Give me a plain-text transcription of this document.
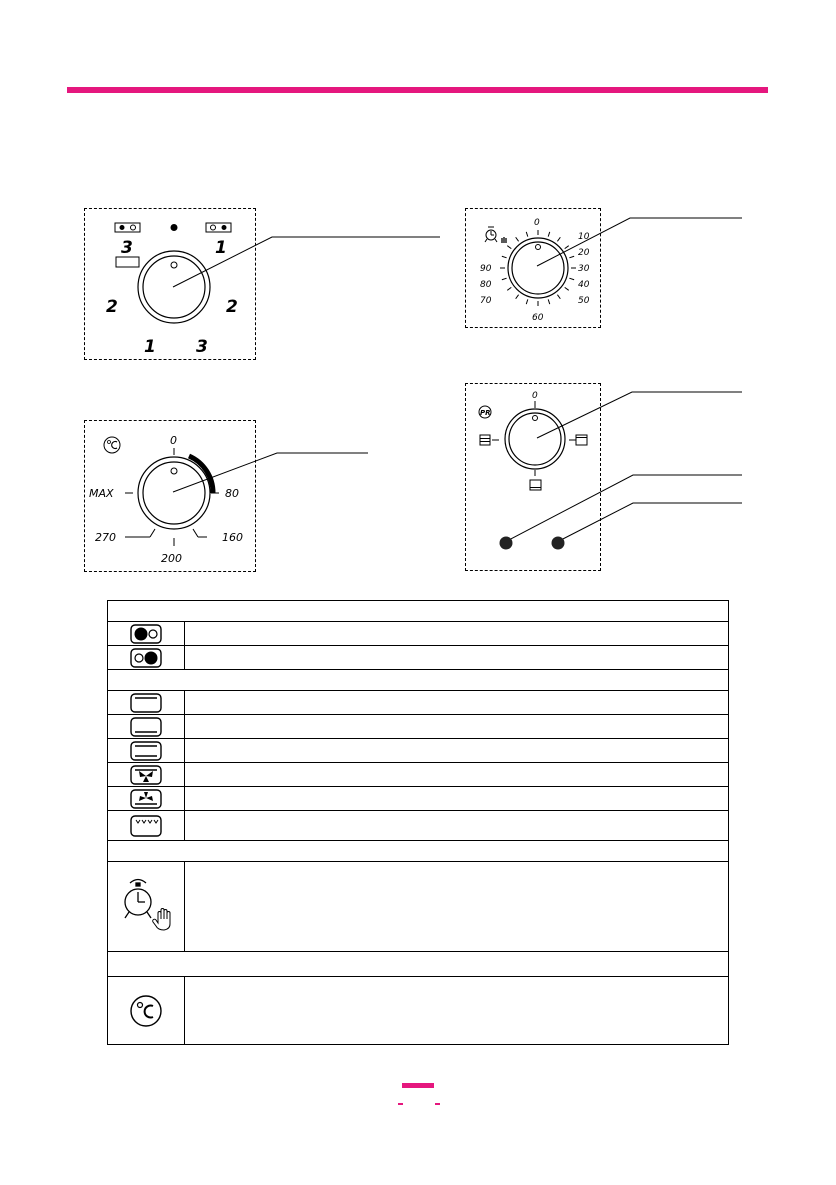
3	1
2	2
1 3
0
10
20
30
40
50
60
70
80
90
0
80
160
200
270
MAX
PR
0
